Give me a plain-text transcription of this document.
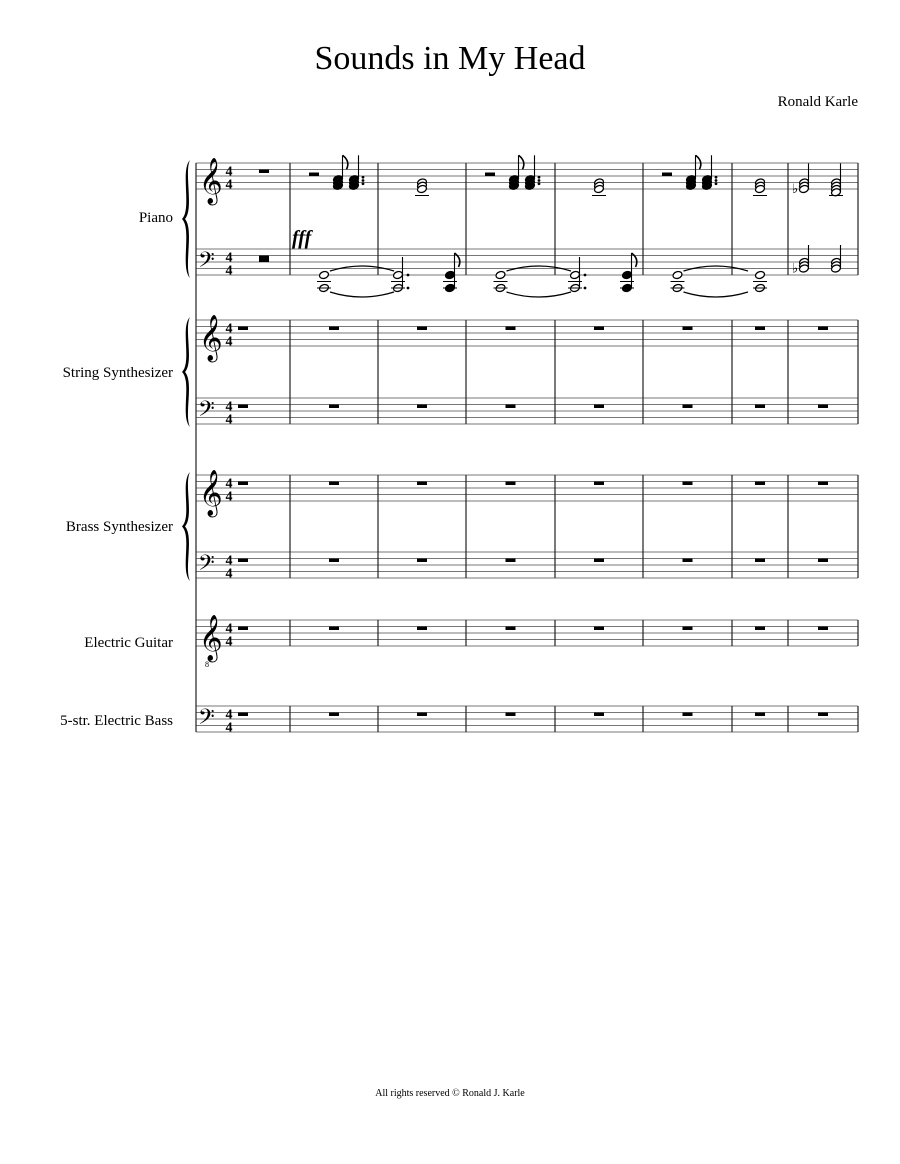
Sounds in My Head
Ronald Karle
Piano
String Synthesizer
Brass Synthesizer
Electric Guitar
5-str. Electric Bass
𝄞
𝄢
𝄞
𝄢
𝄞
𝄢
𝄞
8
𝄢
4
4
4
4
4
4
4
4
4
4
4
4
4
4
4
4
♭
♭
fff
All rights reserved © Ronald J. Karle
